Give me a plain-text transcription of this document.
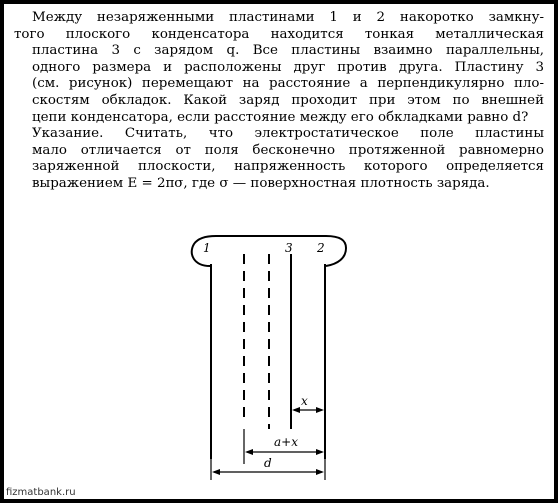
Между незаряженными пластинами 1 и 2 накоротко замкну-
того плоского конденсатора находится тонкая металлическая
пластина 3 с зарядом q. Все пластины взаимно параллельны,
одного размера и расположены друг против друга. Пластину 3
(см. рисунок) перемещают на расстояние a перпендикулярно пло-
скостям обкладок. Какой заряд проходит при этом по внешней
цепи конденсатора, если расстояние между его обкладками равно d?

Указание. Считать, что электростатическое поле пластины
мало отличается от поля бесконечно протяженной равномерно
заряженной плоскости, напряженность которого определяется
выражением E = 2πσ, где σ — поверхностная плотность заряда.

1	3 2
x
a+x
d
fizmatbank.ru
